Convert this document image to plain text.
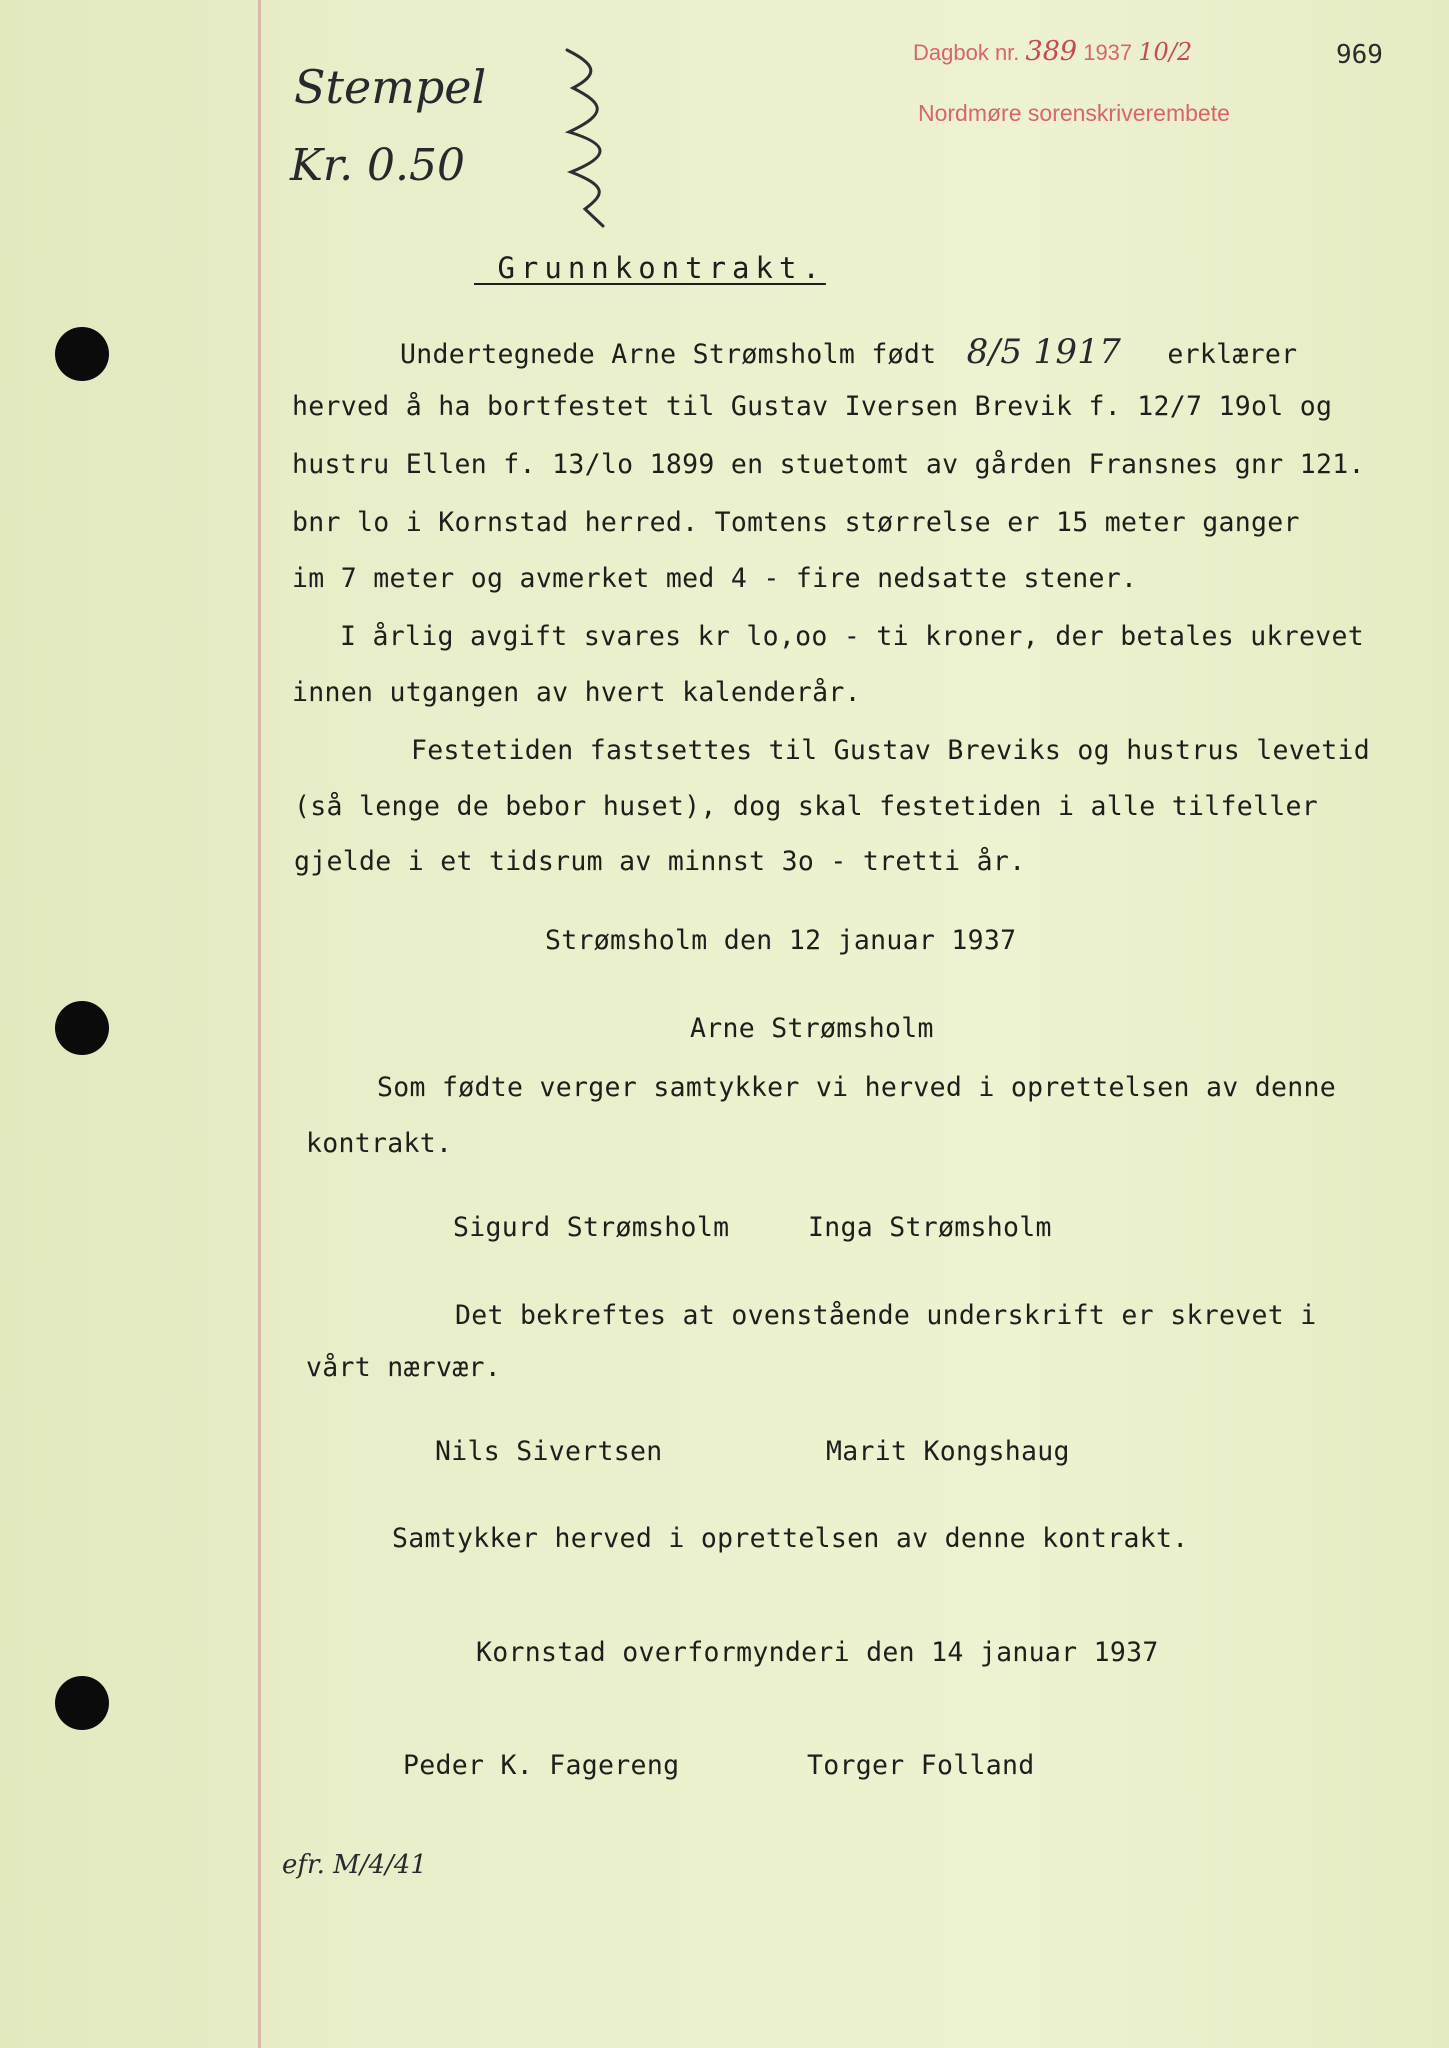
969
Dagbok nr. 389 1937 10/2
Nordmøre sorenskriverembete
Stempel
Kr. 0.50
_Grunnkontrakt.
Undertegnede Arne Strømsholm født 8/5 1917 erklærer
herved å ha bortfestet til Gustav Iversen Brevik f. 12/7 19ol og
hustru Ellen f. 13/lo 1899 en stuetomt av gården Fransnes gnr 121.
bnr lo i Kornstad herred. Tomtens størrelse er 15 meter ganger
im 7 meter og avmerket med 4 - fire nedsatte stener.
I årlig avgift svares kr lo,oo - ti kroner, der betales ukrevet
innen utgangen av hvert kalenderår.
Festetiden fastsettes til Gustav Breviks og hustrus levetid
(så lenge de bebor huset), dog skal festetiden i alle tilfeller
gjelde i et tidsrum av minnst 3o - tretti år.
Strømsholm den 12 januar 1937
Arne Strømsholm
Som fødte verger samtykker vi herved i oprettelsen av denne
kontrakt.
Sigurd Strømsholm	Inga Strømsholm
Det bekreftes at ovenstående underskrift er skrevet i
vårt nærvær.
Nils Sivertsen	Marit Kongshaug
Samtykker herved i oprettelsen av denne kontrakt.
Kornstad overformynderi den 14 januar 1937
Peder K. Fagereng	Torger Folland
efr. M/4/41
